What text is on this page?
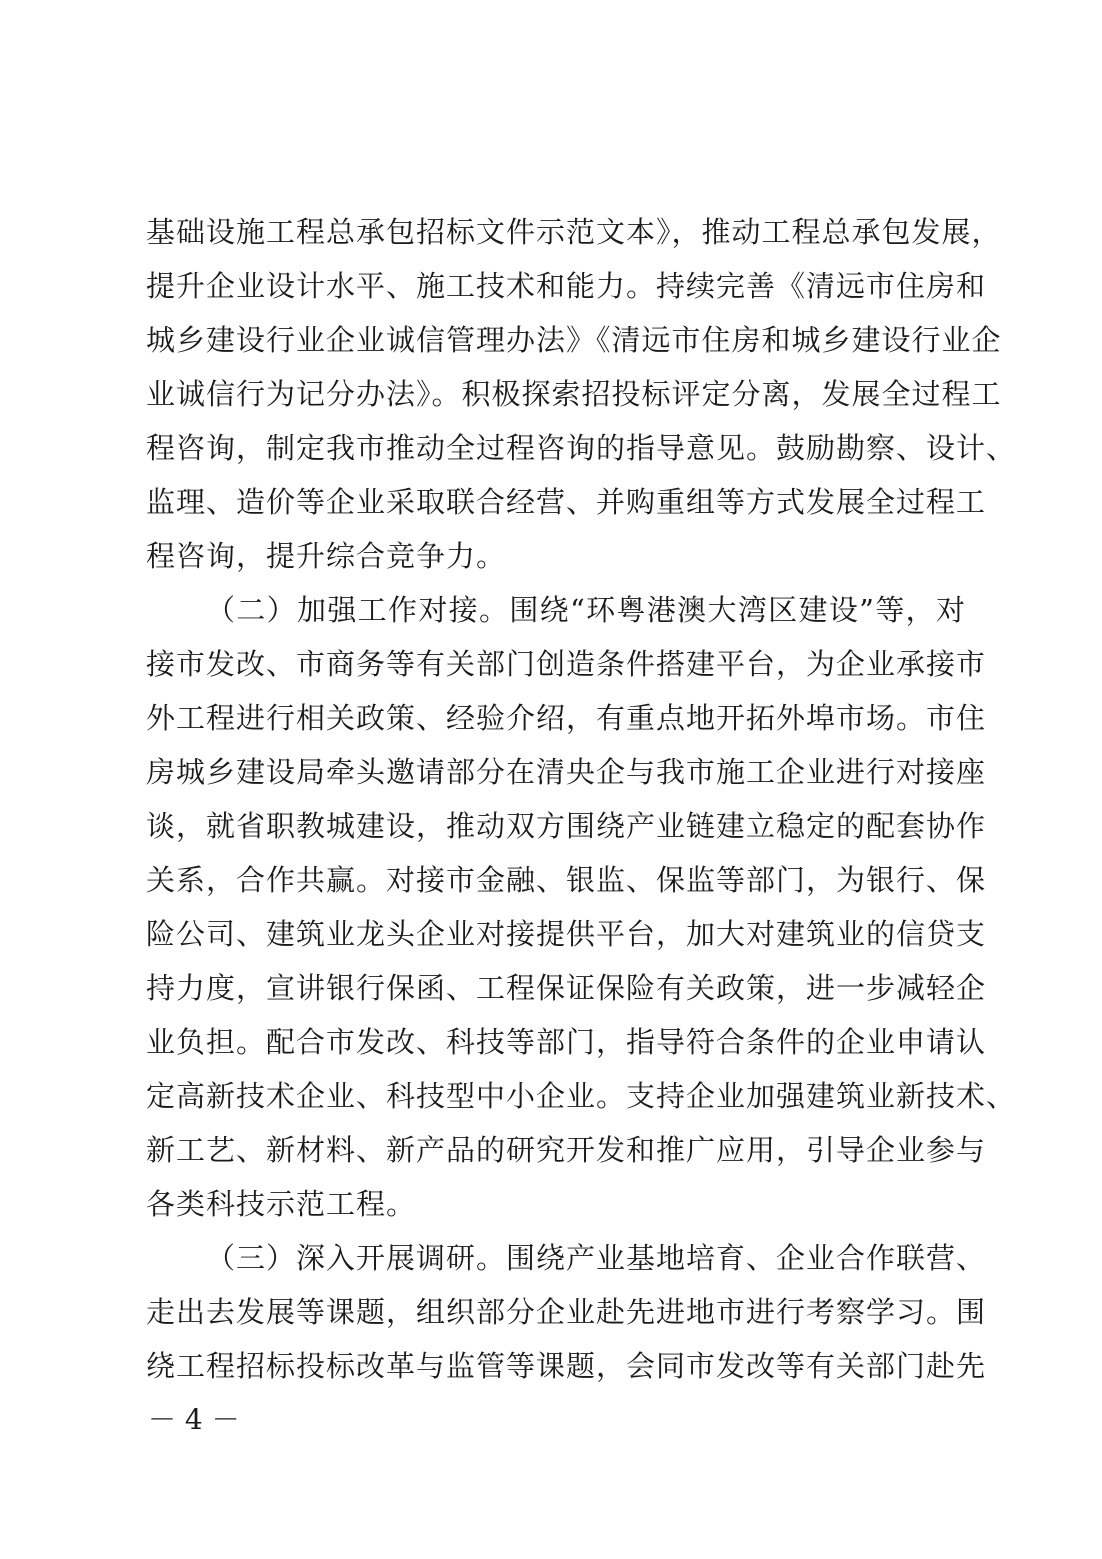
基础设施工程总承包招标文件示范文本》，推动工程总承包发展，
提升企业设计水平、施工技术和能力。持续完善《清远市住房和
城乡建设行业企业诚信管理办法》《清远市住房和城乡建设行业企
业诚信行为记分办法》。积极探索招投标评定分离，发展全过程工
程咨询，制定我市推动全过程咨询的指导意见。鼓励勘察、设计、
监理、造价等企业采取联合经营、并购重组等方式发展全过程工
程咨询，提升综合竞争力。
（二）加强工作对接。围绕“环粤港澳大湾区建设”等，对
接市发改、市商务等有关部门创造条件搭建平台，为企业承接市
外工程进行相关政策、经验介绍，有重点地开拓外埠市场。市住
房城乡建设局牵头邀请部分在清央企与我市施工企业进行对接座
谈，就省职教城建设，推动双方围绕产业链建立稳定的配套协作
关系，合作共赢。对接市金融、银监、保监等部门，为银行、保
险公司、建筑业龙头企业对接提供平台，加大对建筑业的信贷支
持力度，宣讲银行保函、工程保证保险有关政策，进一步减轻企
业负担。配合市发改、科技等部门，指导符合条件的企业申请认
定高新技术企业、科技型中小企业。支持企业加强建筑业新技术、
新工艺、新材料、新产品的研究开发和推广应用，引导企业参与
各类科技示范工程。
（三）深入开展调研。围绕产业基地培育、企业合作联营、
走出去发展等课题，组织部分企业赴先进地市进行考察学习。围
绕工程招标投标改革与监管等课题，会同市发改等有关部门赴先
－ 4 －
